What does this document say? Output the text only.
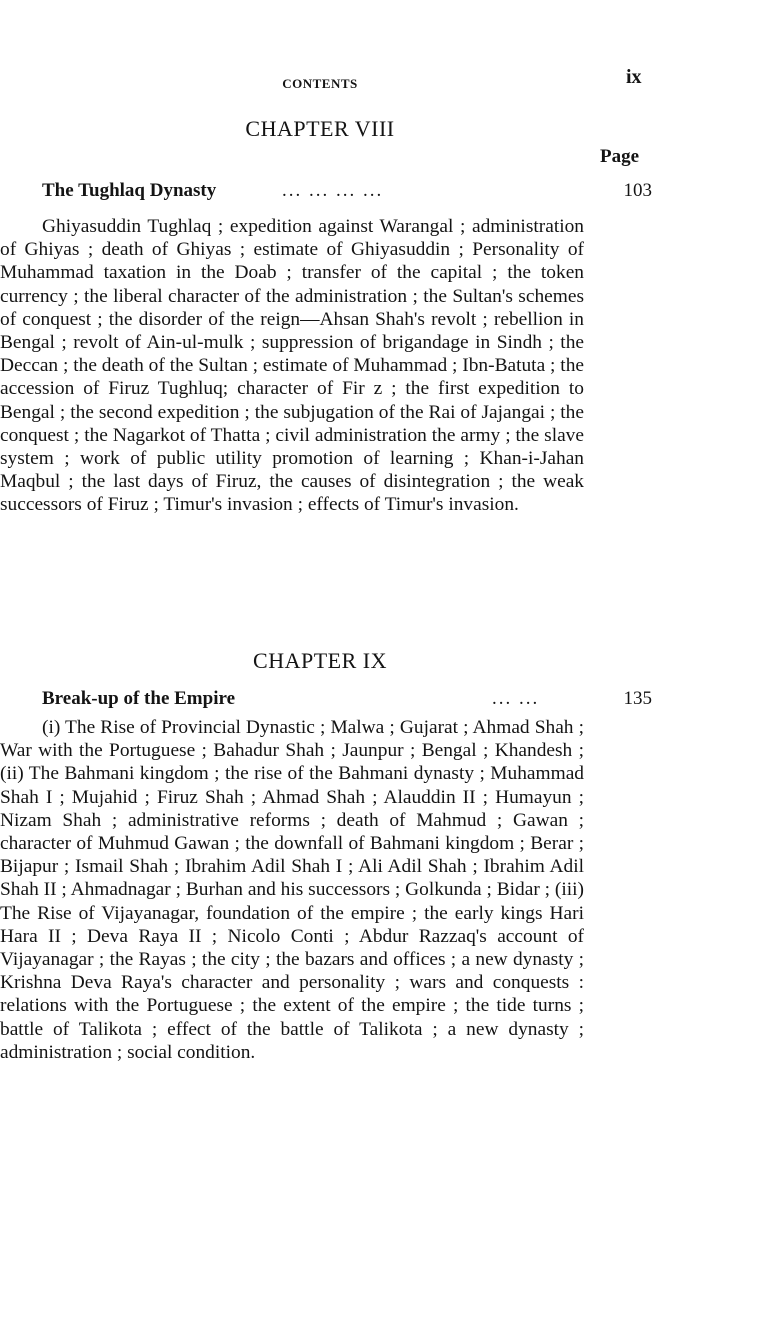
CONTENTS	ix
CHAPTER VIII
Page
The Tughlaq Dynasty	... ... ... ...	103

Ghiyasuddin Tughlaq ; expedition against Warangal ; administration of Ghiyas ; death of Ghiyas ; estimate of Ghiyasuddin ; Personality of Muhammad taxation in the Doab ; transfer of the capital ; the token currency ; the liberal character of the administration ; the Sultan's schemes of conquest ; the disorder of the reign—Ahsan Shah's revolt ; rebellion in Bengal ; revolt of Ain-ul-mulk ; suppression of brigandage in Sindh ; the Deccan ; the death of the Sultan ; estimate of Muhammad ; Ibn-Batuta ; the accession of Firuz Tughluq; character of Fir z ; the first expedition to Bengal ; the second expedition ; the subjugation of the Rai of Jajangai ; the conquest ; the Nagarkot of Thatta ; civil administration the army ; the slave system ; work of public utility promotion of learning ; Khan-i-Jahan Maqbul ; the last days of Firuz, the causes of disintegration ; the weak successors of Firuz ; Timur's invasion ; effects of Timur's invasion.

CHAPTER IX
Break-up of the Empire	... ...	135

(i) The Rise of Provincial Dynastic ; Malwa ; Gujarat ; Ahmad Shah ; War with the Portuguese ; Bahadur Shah ; Jaunpur ; Bengal ; Khandesh ; (ii) The Bahmani kingdom ; the rise of the Bahmani dynasty ; Muhammad Shah I ; Mujahid ; Firuz Shah ; Ahmad Shah ; Alauddin II ; Humayun ; Nizam Shah ; administrative reforms ; death of Mahmud ; Gawan ; character of Muhmud Gawan ; the downfall of Bahmani kingdom ; Berar ; Bijapur ; Ismail Shah ; Ibrahim Adil Shah I ; Ali Adil Shah ; Ibrahim Adil Shah II ; Ahmadnagar ; Burhan and his successors ; Golkunda ; Bidar ; (iii) The Rise of Vijayanagar, foundation of the empire ; the early kings Hari Hara II ; Deva Raya II ; Nicolo Conti ; Abdur Razzaq's account of Vijayanagar ; the Rayas ; the city ; the bazars and offices ; a new dynasty ; Krishna Deva Raya's character and personality ; wars and conquests : relations with the Portuguese ; the extent of the empire ; the tide turns ; battle of Talikota ; effect of the battle of Talikota ; a new dynasty ; administration ; social condition.
